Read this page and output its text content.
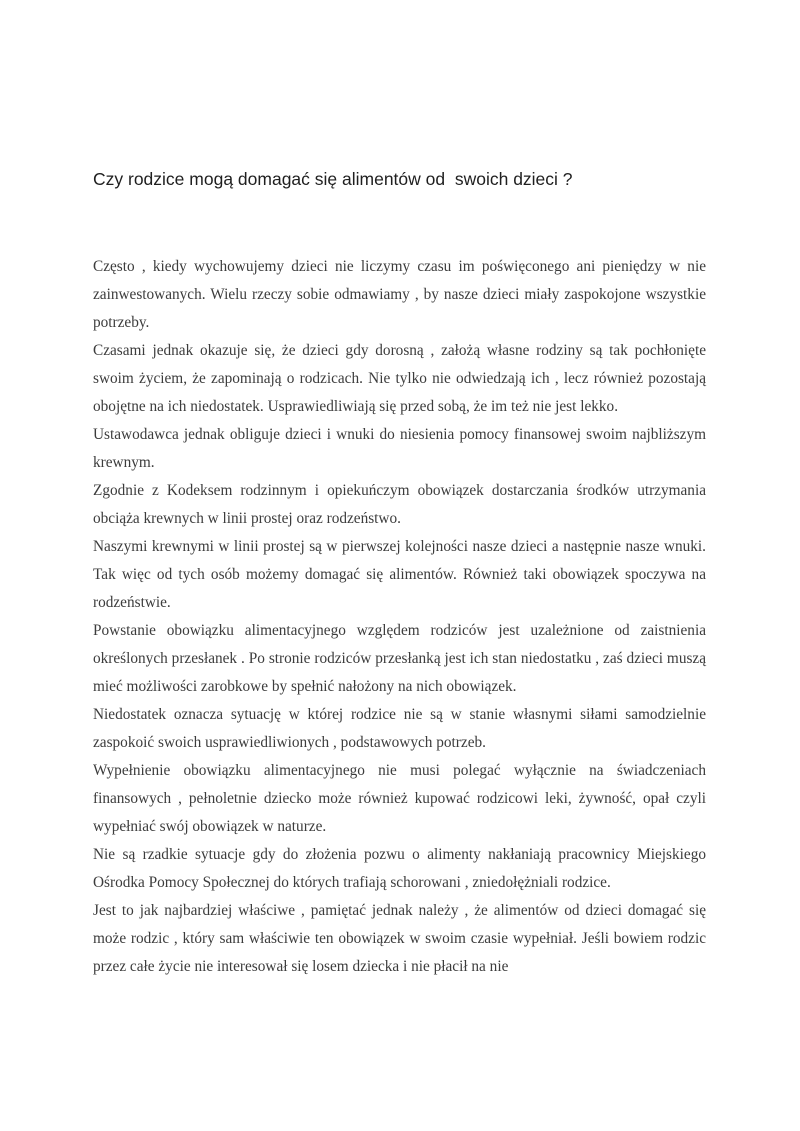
Czy rodzice mogą domagać się alimentów od  swoich dzieci ?

Często , kiedy wychowujemy dzieci nie liczymy czasu im poświęconego ani pieniędzy w nie zainwestowanych. Wielu rzeczy sobie odmawiamy , by nasze dzieci miały zaspokojone wszystkie potrzeby.

Czasami jednak okazuje się, że dzieci gdy dorosną , założą własne rodziny są tak pochłonięte swoim życiem, że zapominają o rodzicach. Nie tylko nie odwiedzają ich , lecz również pozostają obojętne na ich niedostatek. Usprawiedliwiają się przed sobą, że im też nie jest lekko.

Ustawodawca jednak obliguje dzieci i wnuki do niesienia pomocy finansowej swoim najbliższym krewnym.

Zgodnie z Kodeksem rodzinnym i opiekuńczym obowiązek dostarczania środków utrzymania obciąża krewnych w linii prostej oraz rodzeństwo.

Naszymi krewnymi w linii prostej są w pierwszej kolejności nasze dzieci a następnie nasze wnuki. Tak więc od tych osób możemy domagać się alimentów. Również taki obowiązek spoczywa na rodzeństwie.

Powstanie obowiązku alimentacyjnego względem rodziców jest uzależnione od zaistnienia określonych przesłanek . Po stronie rodziców przesłanką jest ich stan niedostatku , zaś dzieci muszą mieć możliwości zarobkowe by spełnić nałożony na nich obowiązek.

Niedostatek oznacza sytuację w której rodzice nie są w stanie własnymi siłami samodzielnie zaspokoić swoich usprawiedliwionych , podstawowych potrzeb.

Wypełnienie obowiązku alimentacyjnego nie musi polegać wyłącznie na świadczeniach finansowych , pełnoletnie dziecko może również kupować rodzicowi leki, żywność, opał czyli wypełniać swój obowiązek w naturze.

Nie są rzadkie sytuacje gdy do złożenia pozwu o alimenty nakłaniają pracownicy Miejskiego Ośrodka Pomocy Społecznej do których trafiają schorowani , zniedołężniali rodzice.

Jest to jak najbardziej właściwe , pamiętać jednak należy , że alimentów od dzieci domagać się może rodzic , który sam właściwie ten obowiązek w swoim czasie wypełniał. Jeśli bowiem rodzic przez całe życie nie interesował się losem dziecka i nie płacił na nie
